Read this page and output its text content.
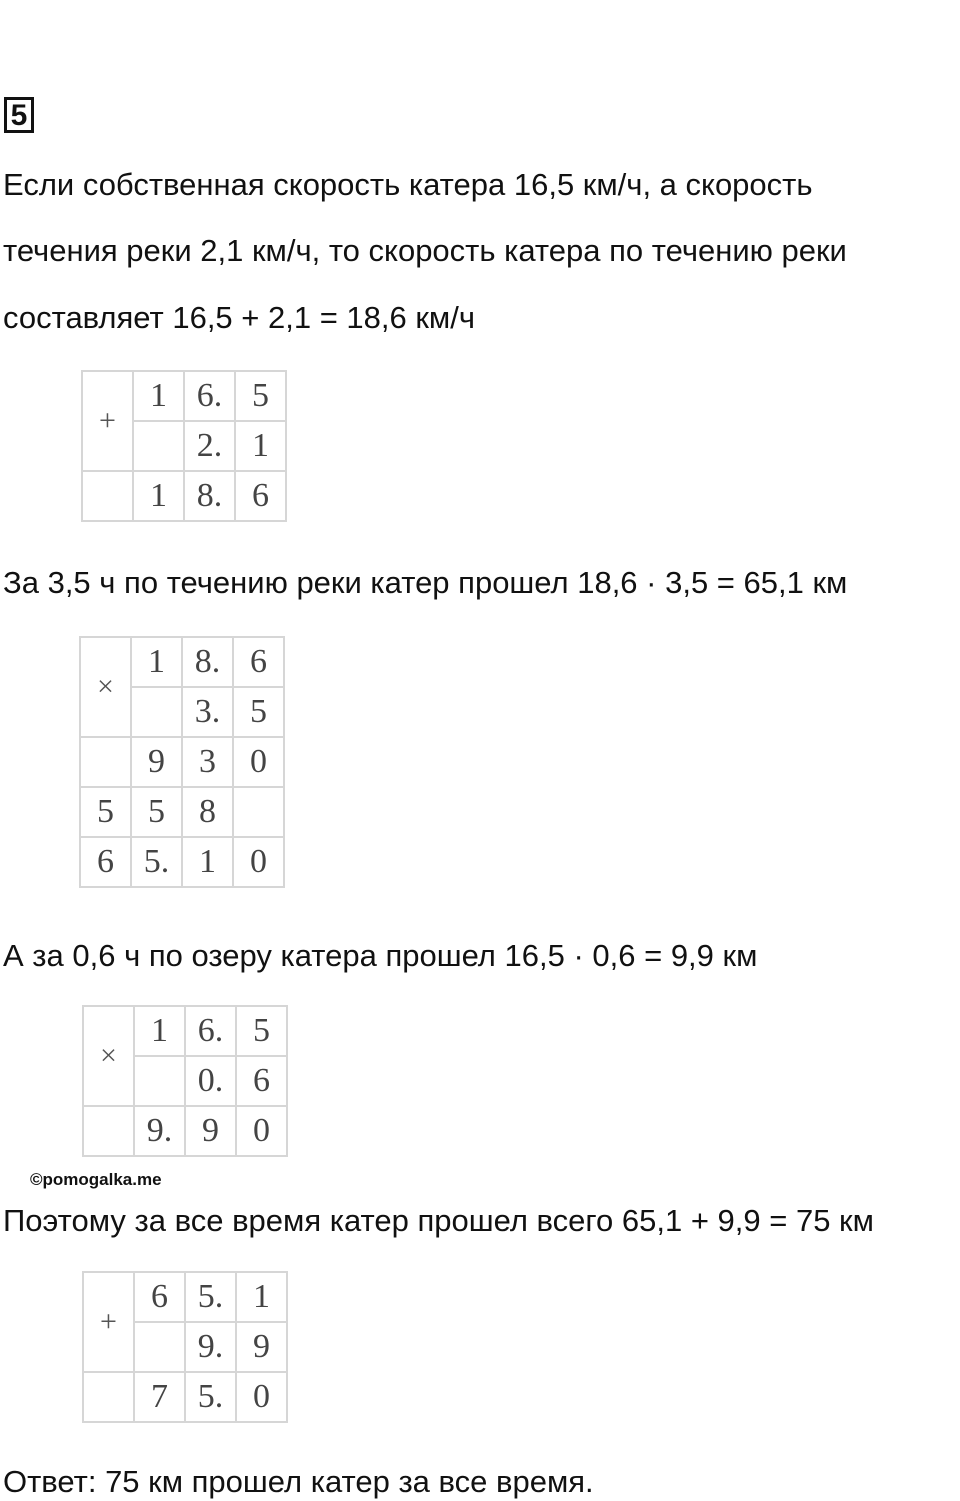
5
Если собственная скорость катера 16,5 км/ч, а скорость
течения реки 2,1 км/ч, то скорость катера по течению реки
составляет 16,5 + 2,1 = 18,6 км/ч
+	1	6.	5
		2.	1
	1	8.	6
За 3,5 ч по течению реки катер прошел 18,6 · 3,5 = 65,1 км
×	1	8.	6
		3.	5
	9	3	0
5	5	8	
6	5.	1	0
А за 0,6 ч по озеру катера прошел 16,5 · 0,6 = 9,9 км
×	1	6.	5
		0.	6
	9.	9	0
©pomogalka.me
Поэтому за все время катер прошел всего 65,1 + 9,9 = 75 км
+	6	5.	1
		9.	9
	7	5.	0
Ответ: 75 км прошел катер за все время.
